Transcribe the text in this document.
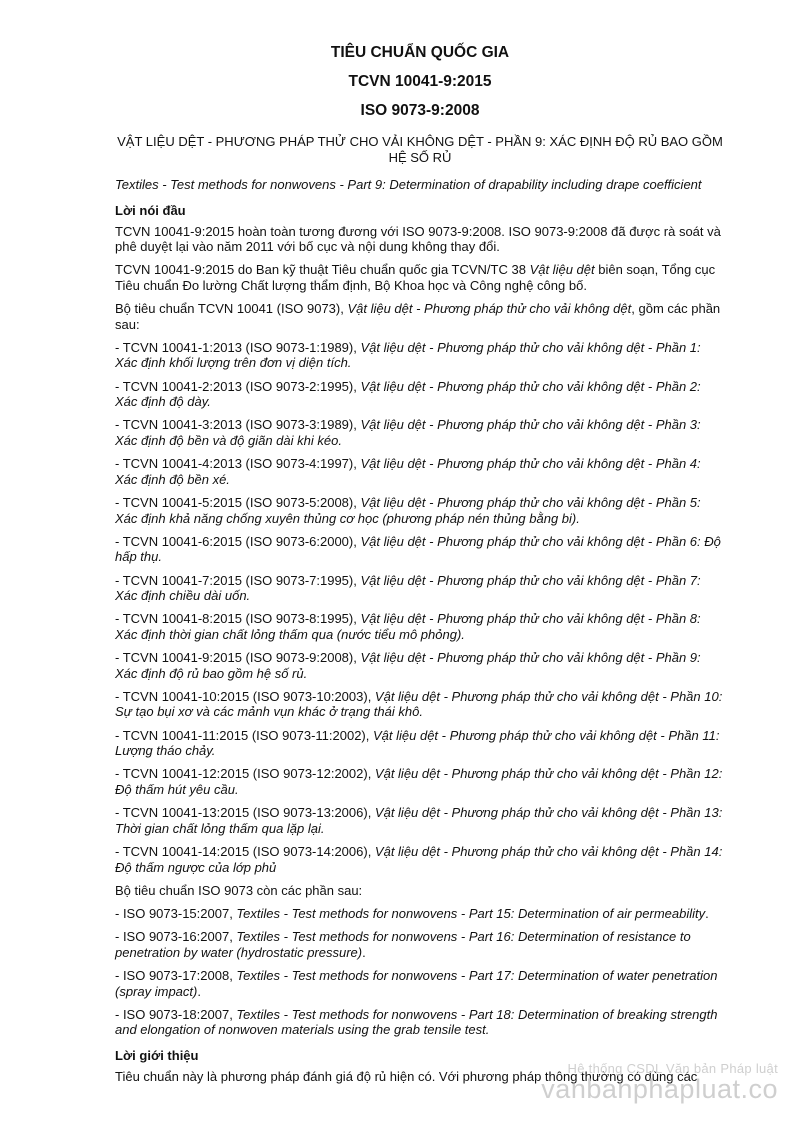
TIÊU CHUẨN QUỐC GIA
TCVN 10041-9:2015
ISO 9073-9:2008
VẬT LIỆU DỆT - PHƯƠNG PHÁP THỬ CHO VẢI KHÔNG DỆT - PHẦN 9: XÁC ĐỊNH ĐỘ RỦ BAO GỒM HỆ SỐ RỦ
Textiles - Test methods for nonwovens - Part 9: Determination of drapability including drape coefficient
Lời nói đầu

TCVN 10041-9:2015 hoàn toàn tương đương với ISO 9073-9:2008. ISO 9073-9:2008 đã được rà soát và phê duyệt lại vào năm 2011 với bố cục và nội dung không thay đổi.

TCVN 10041-9:2015 do Ban kỹ thuật Tiêu chuẩn quốc gia TCVN/TC 38 Vật liệu dệt biên soạn, Tổng cục Tiêu chuẩn Đo lường Chất lượng thẩm định, Bộ Khoa học và Công nghệ công bố.

Bộ tiêu chuẩn TCVN 10041 (ISO 9073), Vật liệu dệt - Phương pháp thử cho vải không dệt, gồm các phần sau:

- TCVN 10041-1:2013 (ISO 9073-1:1989), Vật liệu dệt - Phương pháp thử cho vải không dệt - Phần 1: Xác định khối lượng trên đơn vị diện tích.

- TCVN 10041-2:2013 (ISO 9073-2:1995), Vật liệu dệt - Phương pháp thử cho vải không dệt - Phần 2: Xác định độ dày.

- TCVN 10041-3:2013 (ISO 9073-3:1989), Vật liệu dệt - Phương pháp thử cho vải không dệt - Phần 3: Xác định độ bền và độ giãn dài khi kéo.

- TCVN 10041-4:2013 (ISO 9073-4:1997), Vật liệu dệt - Phương pháp thử cho vải không dệt - Phần 4: Xác định độ bền xé.

- TCVN 10041-5:2015 (ISO 9073-5:2008), Vật liệu dệt - Phương pháp thử cho vải không dệt - Phần 5: Xác định khả năng chống xuyên thủng cơ học (phương pháp nén thủng bằng bi).

- TCVN 10041-6:2015 (ISO 9073-6:2000), Vật liệu dệt - Phương pháp thử cho vải không dệt - Phần 6: Độ hấp thụ.

- TCVN 10041-7:2015 (ISO 9073-7:1995), Vật liệu dệt - Phương pháp thử cho vải không dệt - Phần 7: Xác định chiều dài uốn.

- TCVN 10041-8:2015 (ISO 9073-8:1995), Vật liệu dệt - Phương pháp thử cho vải không dệt - Phần 8: Xác định thời gian chất lỏng thấm qua (nước tiểu mô phỏng).

- TCVN 10041-9:2015 (ISO 9073-9:2008), Vật liệu dệt - Phương pháp thử cho vải không dệt - Phần 9: Xác định độ rủ bao gồm hệ số rủ.

- TCVN 10041-10:2015 (ISO 9073-10:2003), Vật liệu dệt - Phương pháp thử cho vải không dệt - Phần 10: Sự tạo bụi xơ và các mảnh vụn khác ở trạng thái khô.

- TCVN 10041-11:2015 (ISO 9073-11:2002), Vật liệu dệt - Phương pháp thử cho vải không dệt - Phần 11: Lượng tháo chảy.

- TCVN 10041-12:2015 (ISO 9073-12:2002), Vật liệu dệt - Phương pháp thử cho vải không dệt - Phần 12: Độ thấm hút yêu cầu.

- TCVN 10041-13:2015 (ISO 9073-13:2006), Vật liệu dệt - Phương pháp thử cho vải không dệt - Phần 13: Thời gian chất lỏng thấm qua lặp lại.

- TCVN 10041-14:2015 (ISO 9073-14:2006), Vật liệu dệt - Phương pháp thử cho vải không dệt - Phần 14: Độ thấm ngược của lớp phủ

Bộ tiêu chuẩn ISO 9073 còn các phần sau:

- ISO 9073-15:2007, Textiles - Test methods for nonwovens - Part 15: Determination of air permeability.

- ISO 9073-16:2007, Textiles - Test methods for nonwovens - Part 16: Determination of resistance to penetration by water (hydrostatic pressure).

- ISO 9073-17:2008, Textiles - Test methods for nonwovens - Part 17: Determination of water penetration (spray impact).

- ISO 9073-18:2007, Textiles - Test methods for nonwovens - Part 18: Determination of breaking strength and elongation of nonwoven materials using the grab tensile test.

Lời giới thiệu

Tiêu chuẩn này là phương pháp đánh giá độ rủ hiện có. Với phương pháp thông thường có dùng các

Hệ thống CSDL Văn bản Pháp luật
vanbanphapluat.co
